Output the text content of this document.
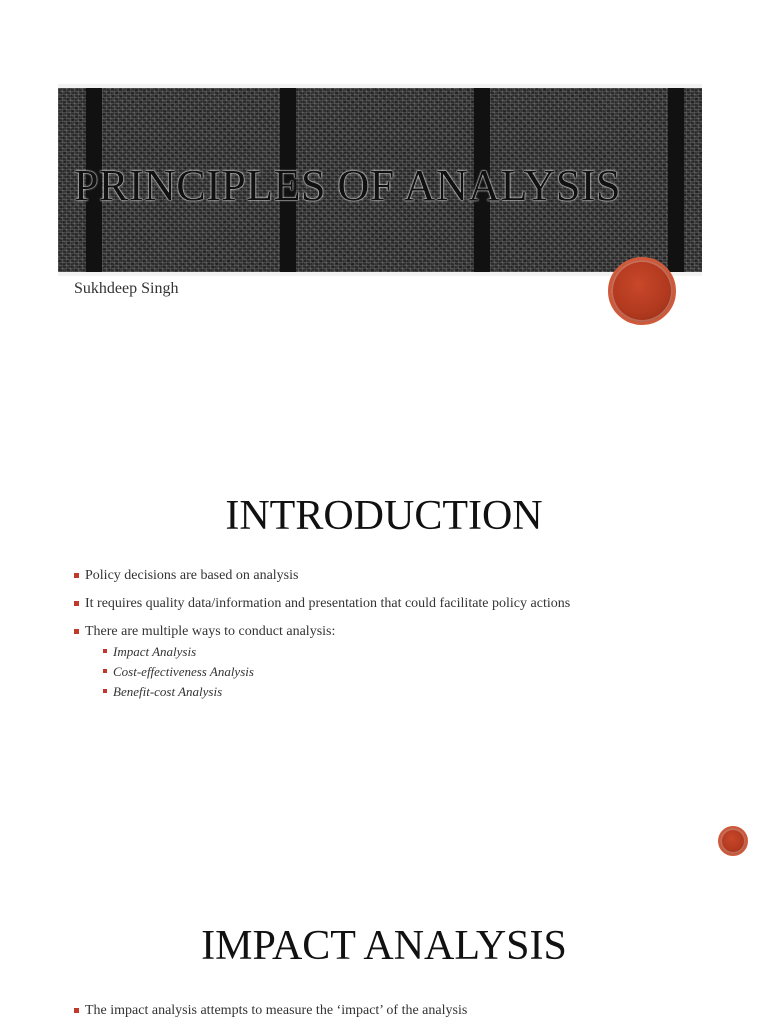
PRINCIPLES OF ANALYSIS
Sukhdeep Singh
INTRODUCTION
Policy decisions are based on analysis
It requires quality data/information and presentation that could facilitate policy actions
There are multiple ways to conduct analysis:
Impact Analysis
Cost-effectiveness Analysis
Benefit-cost Analysis
IMPACT ANALYSIS
The impact analysis attempts to measure the ‘impact’ of the analysis
